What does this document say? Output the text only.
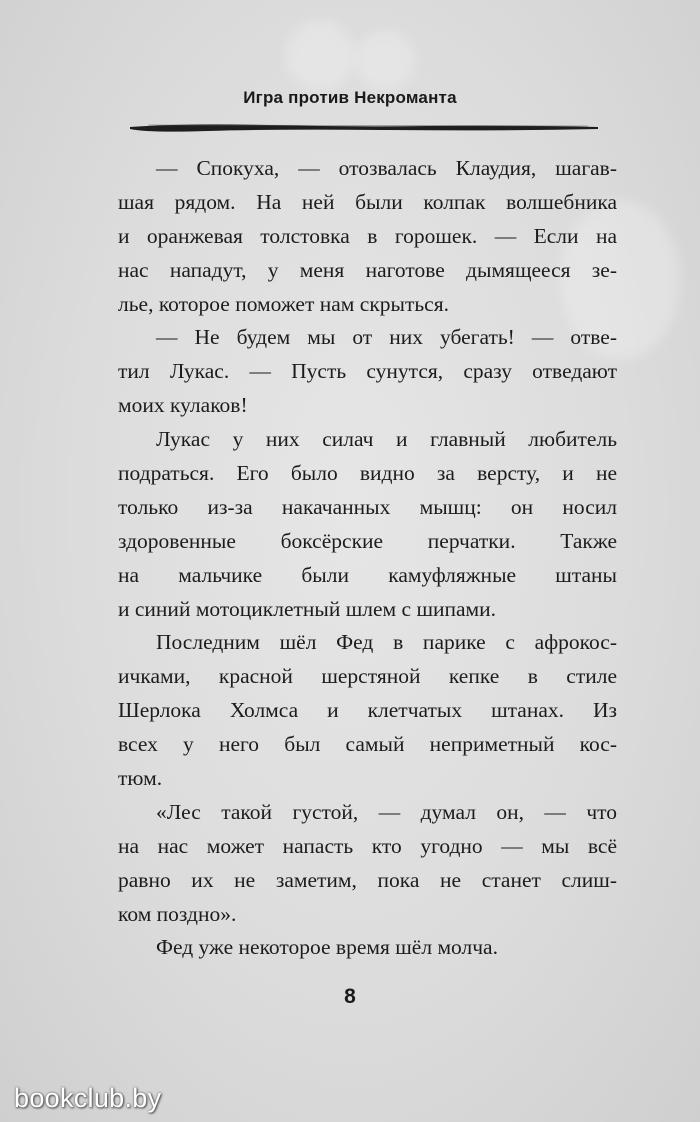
Игра против Некроманта
— Спокуха, — отозвалась Клаудия, шагав-
шая рядом. На ней были колпак волшебника
и оранжевая толстовка в горошек. — Если на
нас нападут, у меня наготове дымящееся зе-
лье, которое поможет нам скрыться.
— Не будем мы от них убегать! — отве-
тил Лукас. — Пусть сунутся, сразу отведают
моих кулаков!
Лукас у них силач и главный любитель
подраться. Его было видно за версту, и не
только из-за накачанных мышц: он носил
здоровенные боксёрские перчатки. Также
на мальчике были камуфляжные штаны
и синий мотоциклетный шлем с шипами.
Последним шёл Фед в парике с афрокос-
ичками, красной шерстяной кепке в стиле
Шерлока Холмса и клетчатых штанах. Из
всех у него был самый неприметный кос-
тюм.
«Лес такой густой, — думал он, — что
на нас может напасть кто угодно — мы всё
равно их не заметим, пока не станет слиш-
ком поздно».
Фед уже некоторое время шёл молча.
8
bookclub.by
